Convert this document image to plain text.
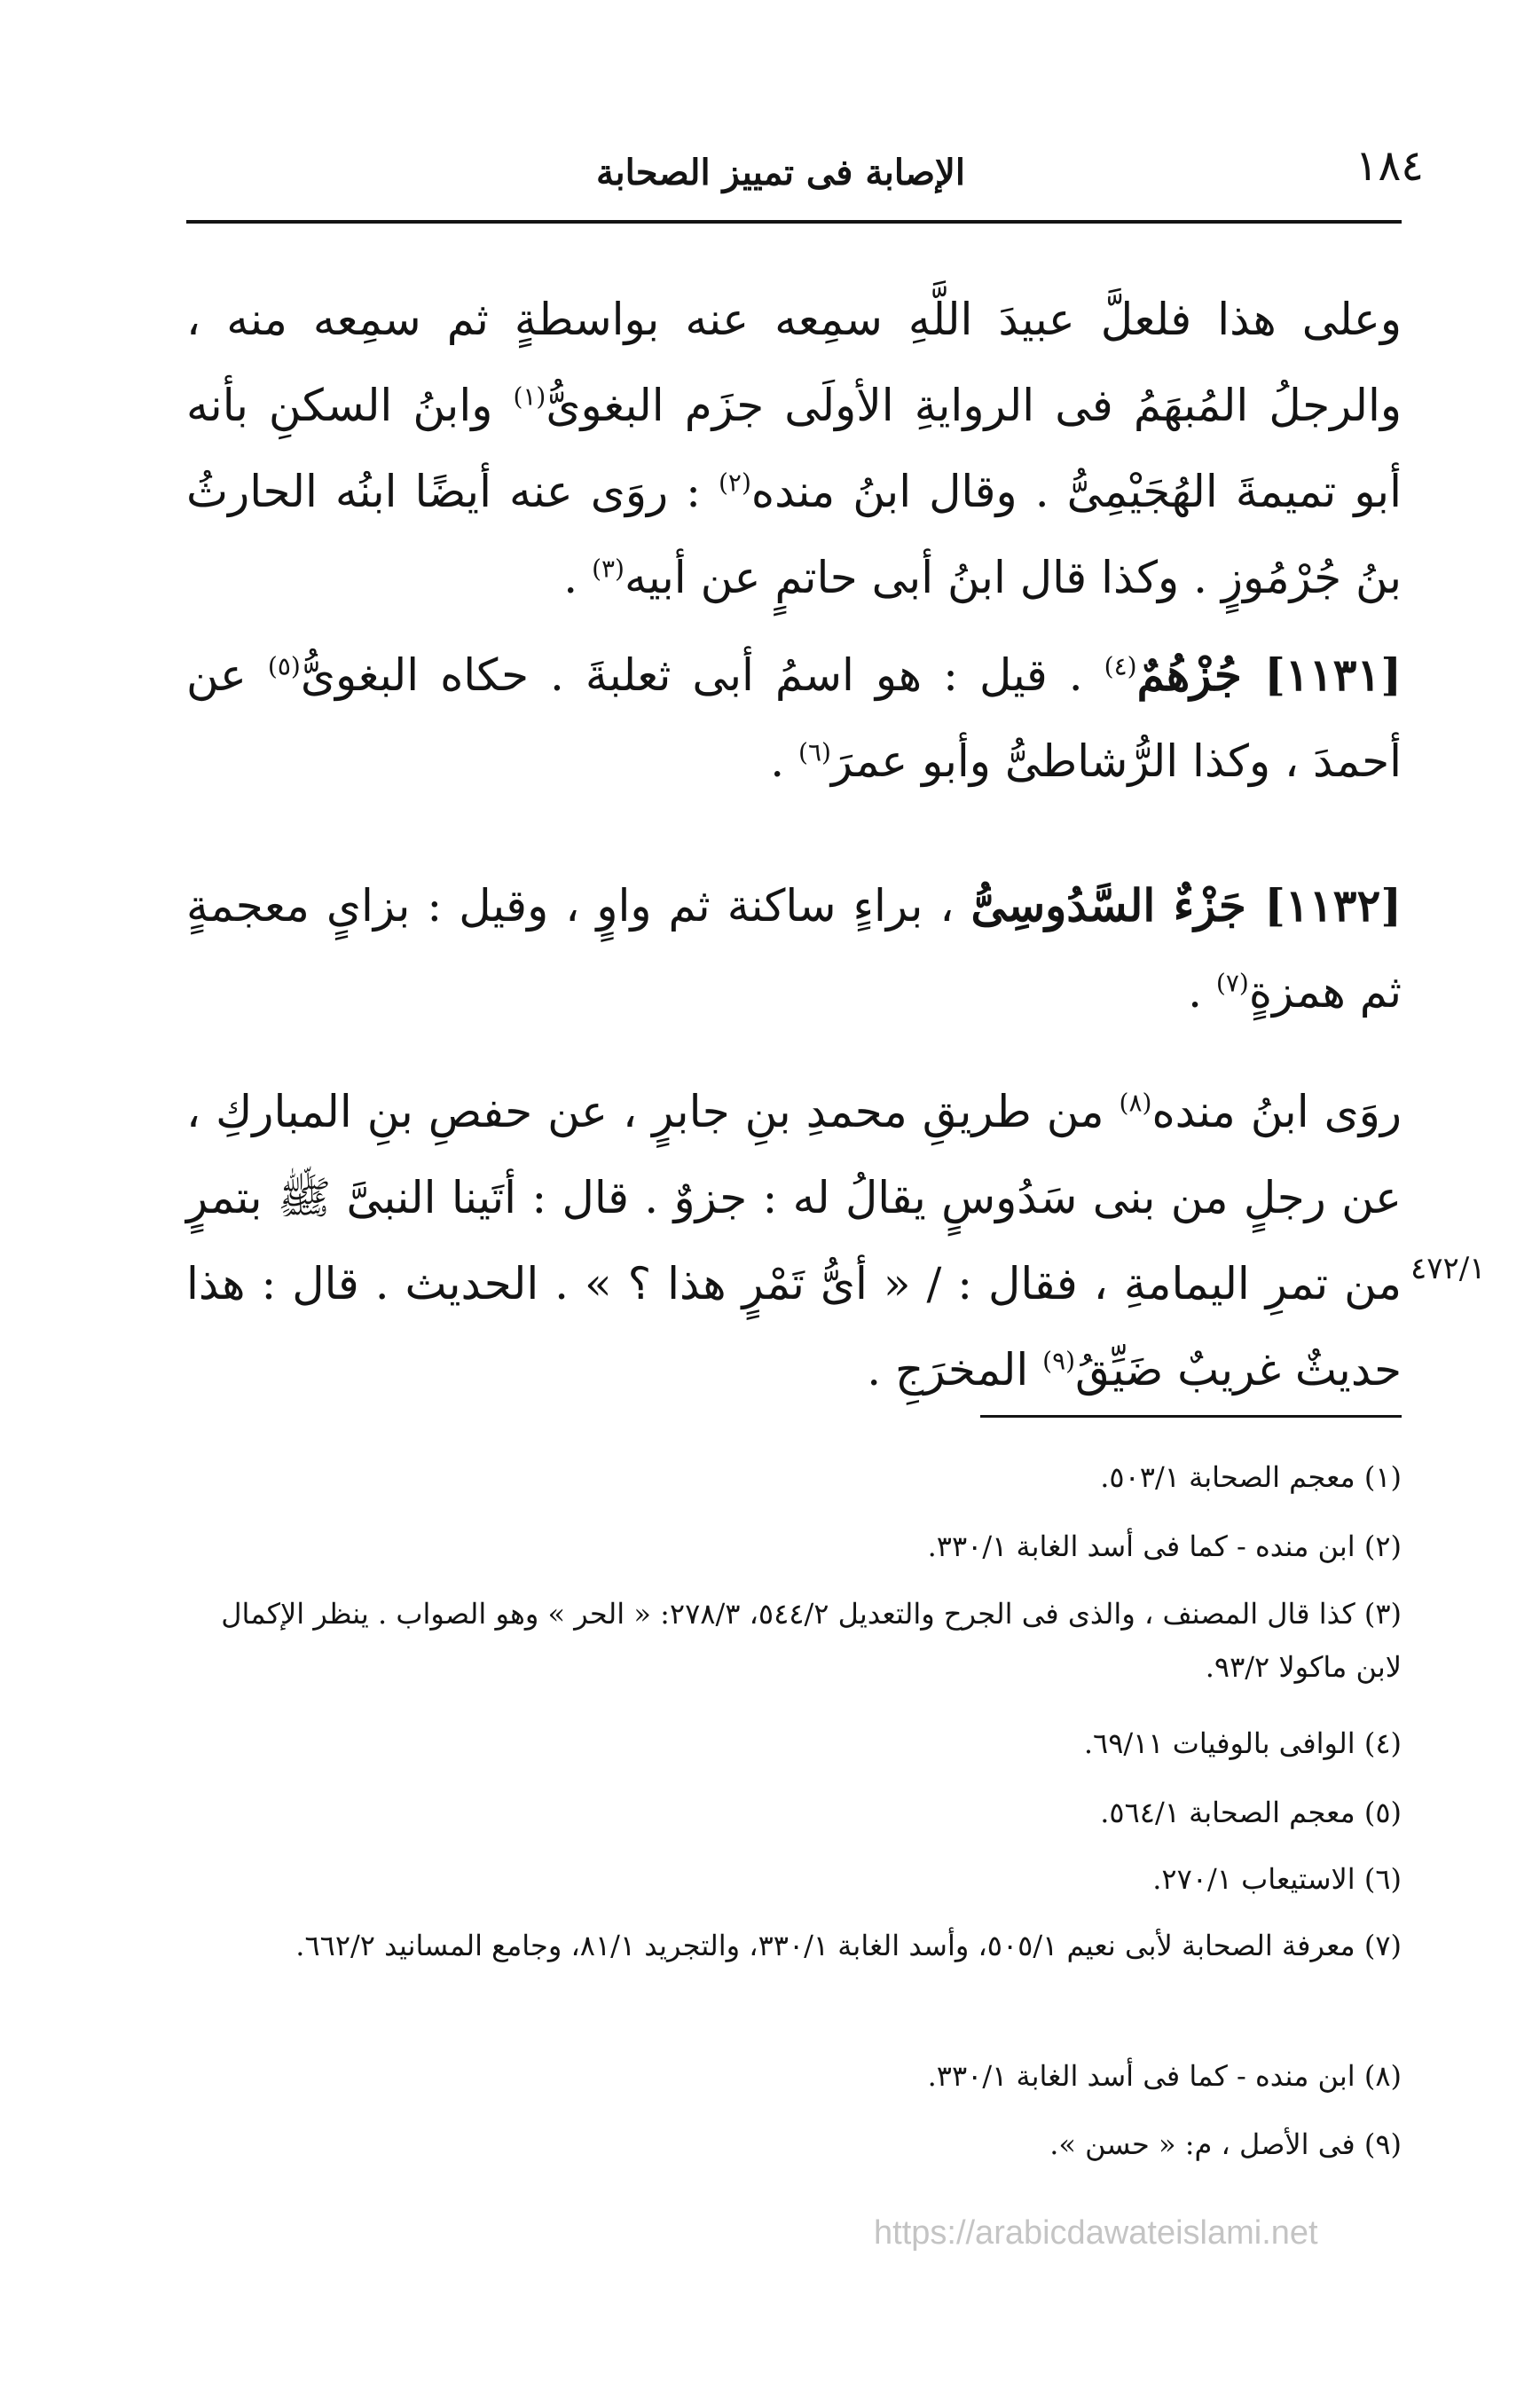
الإصابة فى تمييز الصحابة	١٨٤

وعلى هذا فلعلَّ عبيدَ اللَّهِ سمِعه عنه بواسطةٍ ثم سمِعه منه ، والرجلُ المُبهَمُ فى الروايةِ الأولَى جزَم البغوىُّ$^{(١)}$ وابنُ السكنِ بأنه أبو تميمةَ الهُجَيْمِىُّ . وقال ابنُ منده$^{(٢)}$ : روَى عنه أيضًا ابنُه الحارثُ بنُ جُرْمُوزٍ . وكذا قال ابنُ أبى حاتمٍ عن أبيه$^{(٣)}$ .

[١١٣١] جُزْهُمٌ$^{(٤)}$ . قيل : هو اسمُ أبى ثعلبةَ . حكاه البغوىُّ$^{(٥)}$ عن أحمدَ ، وكذا الرُّشاطىُّ وأبو عمرَ$^{(٦)}$ .

[١١٣٢] جَزْءٌ السَّدُوسِىُّ ، براءٍ ساكنة ثم واوٍ ، وقيل : بزاىٍ معجمةٍ ثم همزةٍ$^{(٧)}$ .

روَى ابنُ منده$^{(٨)}$ من طريقِ محمدِ بنِ جابرٍ ، عن حفصِ بنِ المباركِ ، عن رجلٍ من بنى سَدُوسٍ يقالُ له : جزوٌ . قال : أتَينا النبىَّ ﷺ بتمرٍ من تمرِ اليمامةِ ، فقال : / « أىُّ تَمْرٍ هذا ؟ » . الحديث . قال : هذا حديثٌ غريبٌ ضَيِّقُ$^{(٩)}$ المخرَجِ .

٤٧٢/١

(١) معجم الصحابة ٥٠٣/١.

(٢) ابن منده - كما فى أسد الغابة ٣٣٠/١.

(٣) كذا قال المصنف ، والذى فى الجرح والتعديل ٥٤٤/٢، ٢٧٨/٣: « الحر » وهو الصواب . ينظر الإكمال لابن ماكولا ٩٣/٢.

(٤) الوافى بالوفيات ٦٩/١١.

(٥) معجم الصحابة ٥٦٤/١.

(٦) الاستيعاب ٢٧٠/١.

(٧) معرفة الصحابة لأبى نعيم ٥٠٥/١، وأسد الغابة ٣٣٠/١، والتجريد ٨١/١، وجامع المسانيد ٦٦٢/٢.

(٨) ابن منده - كما فى أسد الغابة ٣٣٠/١.

(٩) فى الأصل ، م: « حسن ».

https://arabicdawateislami.net
